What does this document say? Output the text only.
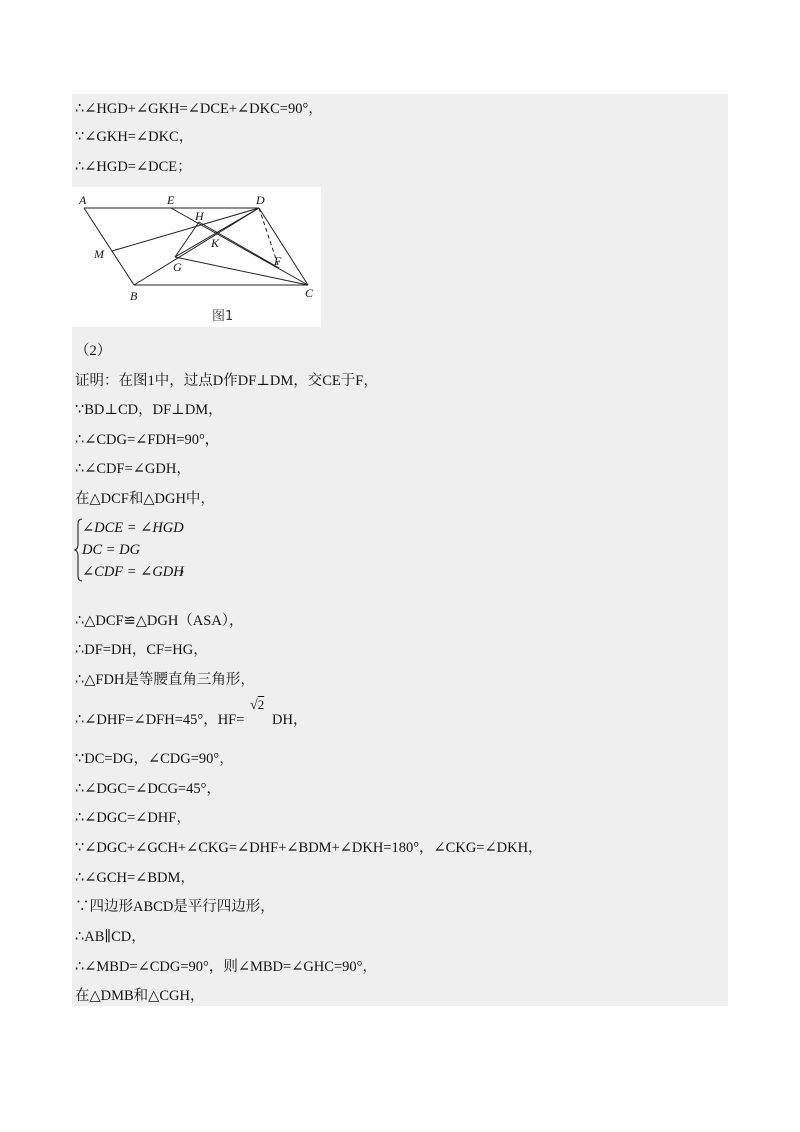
∴∠HGD+∠GKH=∠DCE+∠DKC=90°，
∵∠GKH=∠DKC，
∴∠HGD=∠DCE；
A	E	D
H
K
M
G	F
B	C
图1
（2）
证明：在图1中，过点D作DF⊥DM，交CE于F，
∵BD⊥CD，DF⊥DM，
∴∠CDG=∠FDH=90°，
∴∠CDF=∠GDH，
在△DCF和△DGH中，
∠DCE = ∠HGD
DC = DG
∠CDF = ∠GDH
，
∴△DCF≌△DGH（ASA），
∴DF=DH，CF=HG，
∴△FDH是等腰直角三角形，
∴∠DHF=∠DFH=45°，HF=
√2
DH，
∵DC=DG，∠CDG=90°，
∴∠DGC=∠DCG=45°，
∴∠DGC=∠DHF，
∵∠DGC+∠GCH+∠CKG=∠DHF+∠BDM+∠DKH=180°，∠CKG=∠DKH，
∴∠GCH=∠BDM，
∵四边形ABCD是平行四边形，
∴AB∥CD，
∴∠MBD=∠CDG=90°，则∠MBD=∠GHC=90°，
在△DMB和△CGH，
